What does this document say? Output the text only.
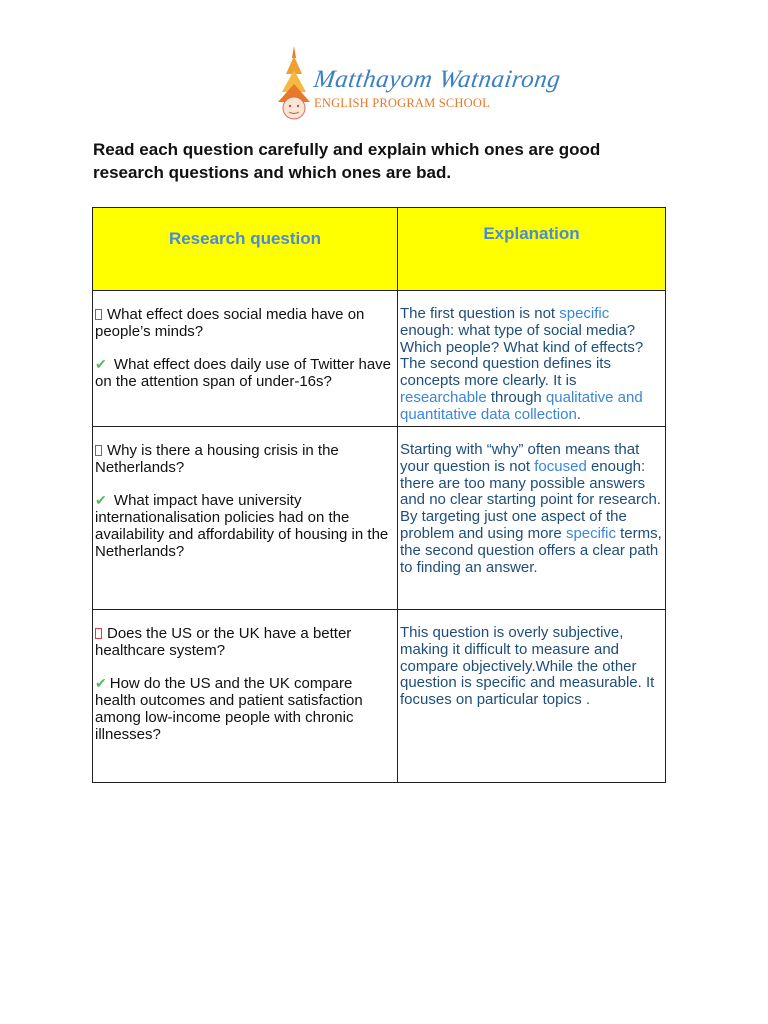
Matthayom Watnairong
ENGLISH PROGRAM SCHOOL
Read each question carefully and explain which ones are good research questions and which ones are bad.
Research question	Explanation

What effect does social media have on people’s minds?

✔ What effect does daily use of Twitter have on the attention span of under-16s?	The first question is not specific enough: what type of social media? Which people? What kind of effects? The second question defines its concepts more clearly. It is researchable through qualitative and quantitative data collection.

Why is there a housing crisis in the Netherlands?

✔ What impact have university internationalisation policies had on the availability and affordability of housing in the Netherlands?	Starting with “why” often means that your question is not focused enough: there are too many possible answers and no clear starting point for research. By targeting just one aspect of the problem and using more specific terms, the second question offers a clear path to finding an answer.

Does the US or the UK have a better healthcare system?

✔ How do the US and the UK compare health outcomes and patient satisfaction among low-income people with chronic illnesses?	This question is overly subjective, making it difficult to measure and compare objectively.While the other question is specific and measurable. It focuses on particular topics .
